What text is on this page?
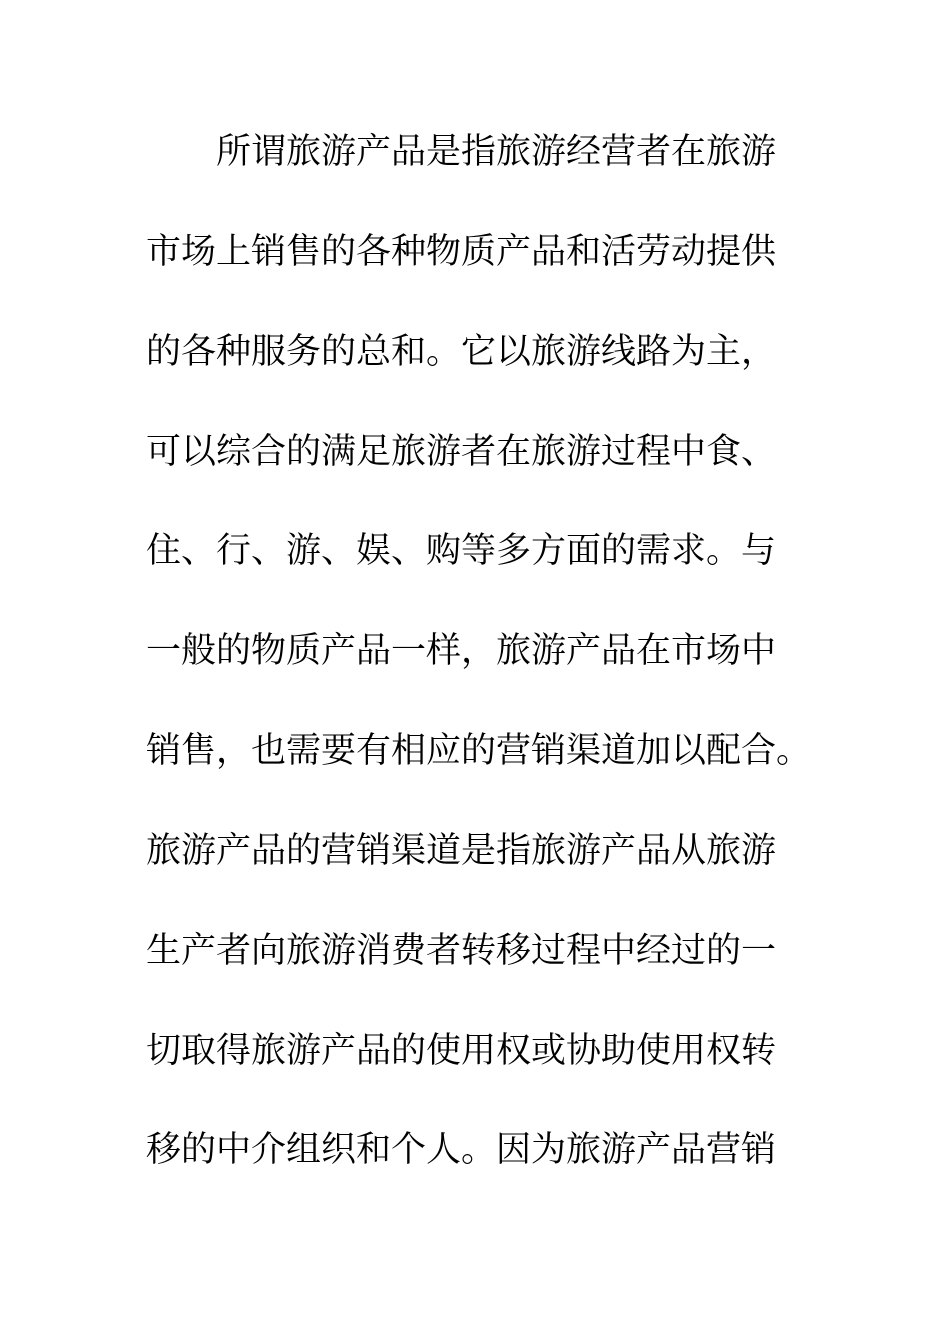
所谓旅游产品是指旅游经营者在旅游
市场上销售的各种物质产品和活劳动提供
的各种服务的总和。它以旅游线路为主，
可以综合的满足旅游者在旅游过程中食、
住、行、游、娱、购等多方面的需求。与
一般的物质产品一样，旅游产品在市场中
销售，也需要有相应的营销渠道加以配合。
旅游产品的营销渠道是指旅游产品从旅游
生产者向旅游消费者转移过程中经过的一
切取得旅游产品的使用权或协助使用权转
移的中介组织和个人。因为旅游产品营销
